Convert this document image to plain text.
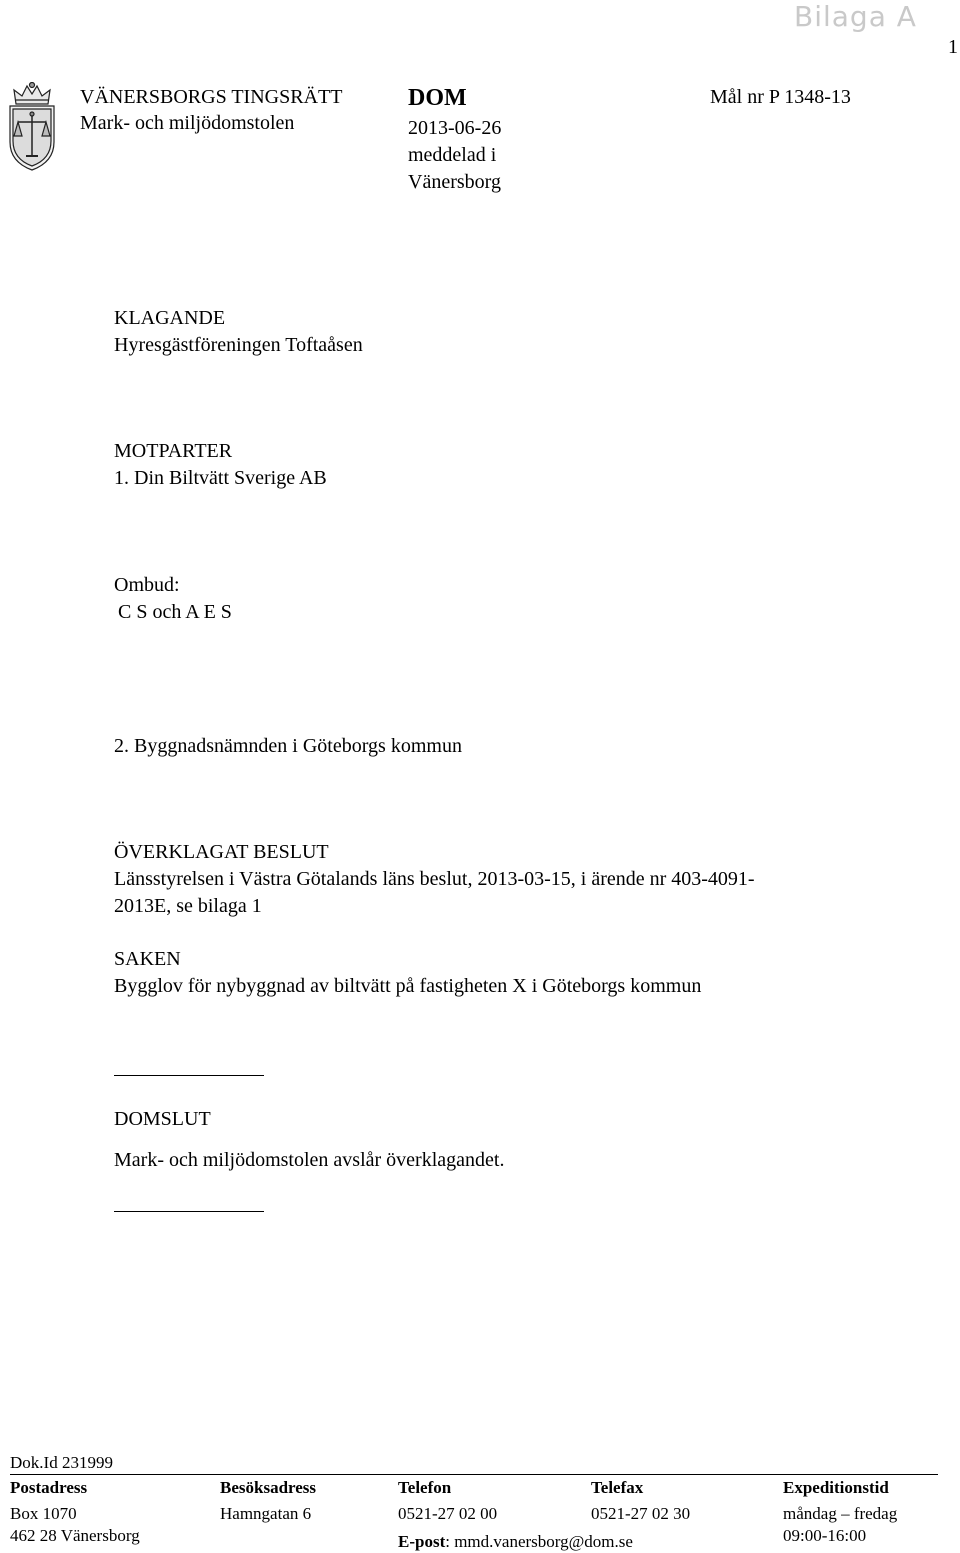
Bilaga A
1
VÄNERSBORGS TINGSRÄTT
Mark- och miljödomstolen
DOM
2013-06-26
meddelad i
Vänersborg
Mål nr P 1348-13
KLAGANDE
Hyresgästföreningen Toftaåsen
MOTPARTER
1. Din Biltvätt Sverige AB
Ombud:
C S och A E S
2. Byggnadsnämnden i Göteborgs kommun
ÖVERKLAGAT BESLUT
Länsstyrelsen i Västra Götalands läns beslut, 2013-03-15, i ärende nr 403-4091-
2013E, se bilaga 1
SAKEN
Bygglov för nybyggnad av biltvätt på fastigheten X i Göteborgs kommun
DOMSLUT
Mark- och miljödomstolen avslår överklagandet.
Dok.Id 231999
Postadress
Box 1070
462 28 Vänersborg
Besöksadress
Hamngatan 6
Telefon
0521-27 02 00
E-post: mmd.vanersborg@dom.se
Telefax
0521-27 02 30
Expeditionstid
måndag – fredag
09:00-16:00
